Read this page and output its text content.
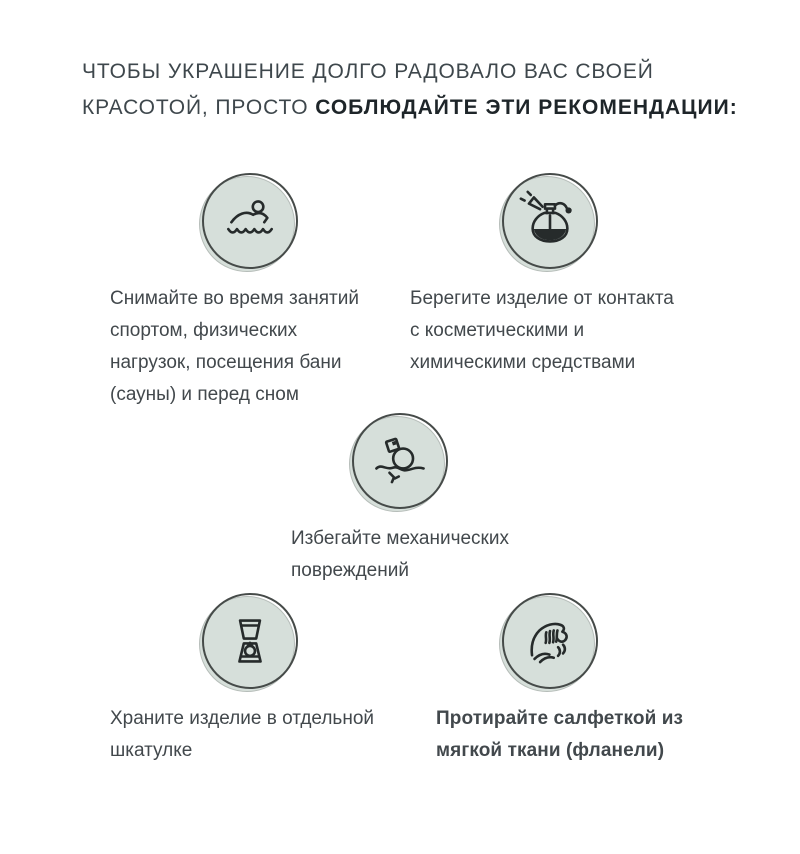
ЧТОБЫ УКРАШЕНИЕ ДОЛГО РАДОВАЛО ВАС СВОЕЙ
КРАСОТОЙ, ПРОСТО СОБЛЮДАЙТЕ ЭТИ РЕКОМЕНДАЦИИ:

Снимайте во время занятий
спортом, физических
нагрузок, посещения бани
(сауны) и перед сном

Берегите изделие от контакта
с косметическими и
химическими средствами

Избегайте механических
повреждений

Храните изделие в отдельной
шкатулке

Протирайте салфеткой из
мягкой ткани (фланели)
